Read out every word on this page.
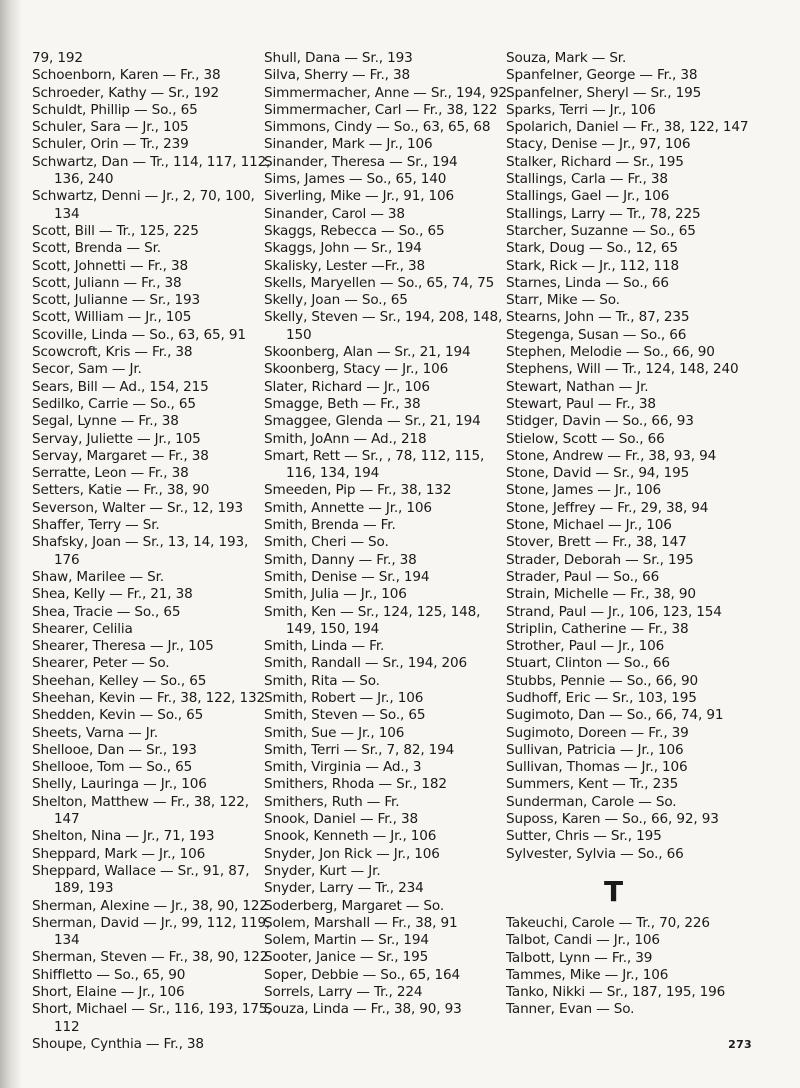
79, 192
Schoenborn, Karen — Fr., 38
Schroeder, Kathy — Sr., 192
Schuldt, Phillip — So., 65
Schuler, Sara — Jr., 105
Schuler, Orin — Tr., 239
Schwartz, Dan — Tr., 114, 117, 112, 136, 240
Schwartz, Denni — Jr., 2, 70, 100, 134
Scott, Bill — Tr., 125, 225
Scott, Brenda — Sr.
Scott, Johnetti — Fr., 38
Scott, Juliann — Fr., 38
Scott, Julianne — Sr., 193
Scott, William — Jr., 105
Scoville, Linda — So., 63, 65, 91
Scowcroft, Kris — Fr., 38
Secor, Sam — Jr.
Sears, Bill — Ad., 154, 215
Sedilko, Carrie — So., 65
Segal, Lynne — Fr., 38
Servay, Juliette — Jr., 105
Servay, Margaret — Fr., 38
Serratte, Leon — Fr., 38
Setters, Katie — Fr., 38, 90
Severson, Walter — Sr., 12, 193
Shaffer, Terry — Sr.
Shafsky, Joan — Sr., 13, 14, 193, 176
Shaw, Marilee — Sr.
Shea, Kelly — Fr., 21, 38
Shea, Tracie — So., 65
Shearer, Celilia
Shearer, Theresa — Jr., 105
Shearer, Peter — So.
Sheehan, Kelley — So., 65
Sheehan, Kevin — Fr., 38, 122, 132
Shedden, Kevin — So., 65
Sheets, Varna — Jr.
Shellooe, Dan — Sr., 193
Shellooe, Tom — So., 65
Shelly, Lauringa — Jr., 106
Shelton, Matthew — Fr., 38, 122, 147
Shelton, Nina — Jr., 71, 193
Sheppard, Mark — Jr., 106
Sheppard, Wallace — Sr., 91, 87, 189, 193
Sherman, Alexine — Jr., 38, 90, 122
Sherman, David — Jr., 99, 112, 119, 134
Sherman, Steven — Fr., 38, 90, 122
Shiffletto — So., 65, 90
Short, Elaine — Jr., 106
Short, Michael — Sr., 116, 193, 175, 112
Shoupe, Cynthia — Fr., 38
Shull, Dana — Sr., 193
Silva, Sherry — Fr., 38
Simmermacher, Anne — Sr., 194, 92
Simmermacher, Carl — Fr., 38, 122
Simmons, Cindy — So., 63, 65, 68
Sinander, Mark — Jr., 106
Sinander, Theresa — Sr., 194
Sims, James — So., 65, 140
Siverling, Mike — Jr., 91, 106
Sinander, Carol — 38
Skaggs, Rebecca — So., 65
Skaggs, John — Sr., 194
Skalisky, Lester —Fr., 38
Skells, Maryellen — So., 65, 74, 75
Skelly, Joan — So., 65
Skelly, Steven — Sr., 194, 208, 148, 150
Skoonberg, Alan — Sr., 21, 194
Skoonberg, Stacy — Jr., 106
Slater, Richard — Jr., 106
Smagge, Beth — Fr., 38
Smaggee, Glenda — Sr., 21, 194
Smith, JoAnn — Ad., 218
Smart, Rett — Sr., , 78, 112, 115, 116, 134, 194
Smeeden, Pip — Fr., 38, 132
Smith, Annette — Jr., 106
Smith, Brenda — Fr.
Smith, Cheri — So.
Smith, Danny — Fr., 38
Smith, Denise — Sr., 194
Smith, Julia — Jr., 106
Smith, Ken — Sr., 124, 125, 148, 149, 150, 194
Smith, Linda — Fr.
Smith, Randall — Sr., 194, 206
Smith, Rita — So.
Smith, Robert — Jr., 106
Smith, Steven — So., 65
Smith, Sue — Jr., 106
Smith, Terri — Sr., 7, 82, 194
Smith, Virginia — Ad., 3
Smithers, Rhoda — Sr., 182
Smithers, Ruth — Fr.
Snook, Daniel — Fr., 38
Snook, Kenneth — Jr., 106
Snyder, Jon Rick — Jr., 106
Snyder, Kurt — Jr.
Snyder, Larry — Tr., 234
Soderberg, Margaret — So.
Solem, Marshall — Fr., 38, 91
Solem, Martin — Sr., 194
Sooter, Janice — Sr., 195
Soper, Debbie — So., 65, 164
Sorrels, Larry — Tr., 224
Souza, Linda — Fr., 38, 90, 93
Souza, Mark — Sr.
Spanfelner, George — Fr., 38
Spanfelner, Sheryl — Sr., 195
Sparks, Terri — Jr., 106
Spolarich, Daniel — Fr., 38, 122, 147
Stacy, Denise — Jr., 97, 106
Stalker, Richard — Sr., 195
Stallings, Carla — Fr., 38
Stallings, Gael — Jr., 106
Stallings, Larry — Tr., 78, 225
Starcher, Suzanne — So., 65
Stark, Doug — So., 12, 65
Stark, Rick — Jr., 112, 118
Starnes, Linda — So., 66
Starr, Mike — So.
Stearns, John — Tr., 87, 235
Stegenga, Susan — So., 66
Stephen, Melodie — So., 66, 90
Stephens, Will — Tr., 124, 148, 240
Stewart, Nathan — Jr.
Stewart, Paul — Fr., 38
Stidger, Davin — So., 66, 93
Stielow, Scott — So., 66
Stone, Andrew — Fr., 38, 93, 94
Stone, David — Sr., 94, 195
Stone, James — Jr., 106
Stone, Jeffrey — Fr., 29, 38, 94
Stone, Michael — Jr., 106
Stover, Brett — Fr., 38, 147
Strader, Deborah — Sr., 195
Strader, Paul — So., 66
Strain, Michelle — Fr., 38, 90
Strand, Paul — Jr., 106, 123, 154
Striplin, Catherine — Fr., 38
Strother, Paul — Jr., 106
Stuart, Clinton — So., 66
Stubbs, Pennie — So., 66, 90
Sudhoff, Eric — Sr., 103, 195
Sugimoto, Dan — So., 66, 74, 91
Sugimoto, Doreen — Fr., 39
Sullivan, Patricia — Jr., 106
Sullivan, Thomas — Jr., 106
Summers, Kent — Tr., 235
Sunderman, Carole — So.
Suposs, Karen — So., 66, 92, 93
Sutter, Chris — Sr., 195
Sylvester, Sylvia — So., 66
T
Takeuchi, Carole — Tr., 70, 226
Talbot, Candi — Jr., 106
Talbott, Lynn — Fr., 39
Tammes, Mike — Jr., 106
Tanko, Nikki — Sr., 187, 195, 196
Tanner, Evan — So.
273
